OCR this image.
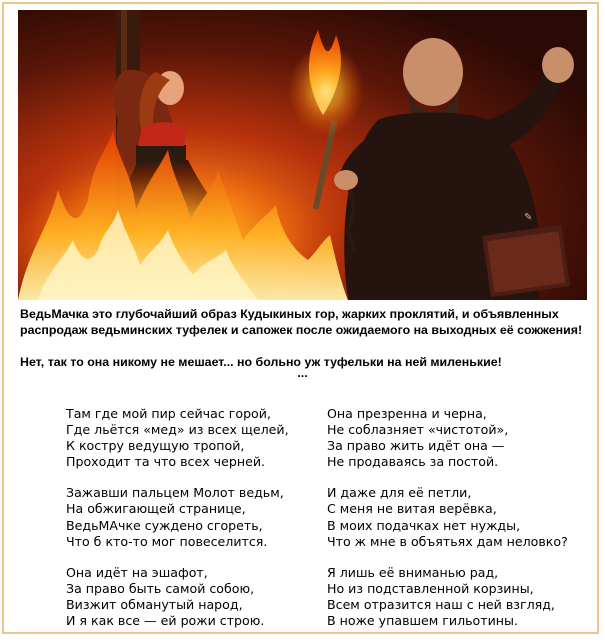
✎

ВедьМачка это глубочайший образ Кудыкиных гор, жарких проклятий, и объявленных распродаж ведьминских туфелек и сапожек после ожидаемого на выходных её сожжения!

Нет, так то она никому не мешает... но больно уж туфельки на ней миленькие!

...

Там где мой пир сейчас горой,
Где льётся «мед» из всех щелей,
К костру ведущую тропой,
Проходит та что всех черней.
Зажавши пальцем Молот ведьм,
На обжигающей странице,
ВедьМАчке суждено сгореть,
Что б кто-то мог повеселится.
Она идёт на эшафот,
За право быть самой собою,
Визжит обманутый народ,
И я как все — ей рожи строю.
Она презренна и черна,
Не соблазняет «чистотой»,
За право жить идёт она —
Не продаваясь за постой.
И даже для её петли,
С меня не витая верёвка,
В моих подачках нет нужды,
Что ж мне в объятьях дам неловко?
Я лишь её вниманью рад,
Но из подставленной корзины,
Всем отразится наш с ней взгляд,
В ноже упавшем гильотины.
